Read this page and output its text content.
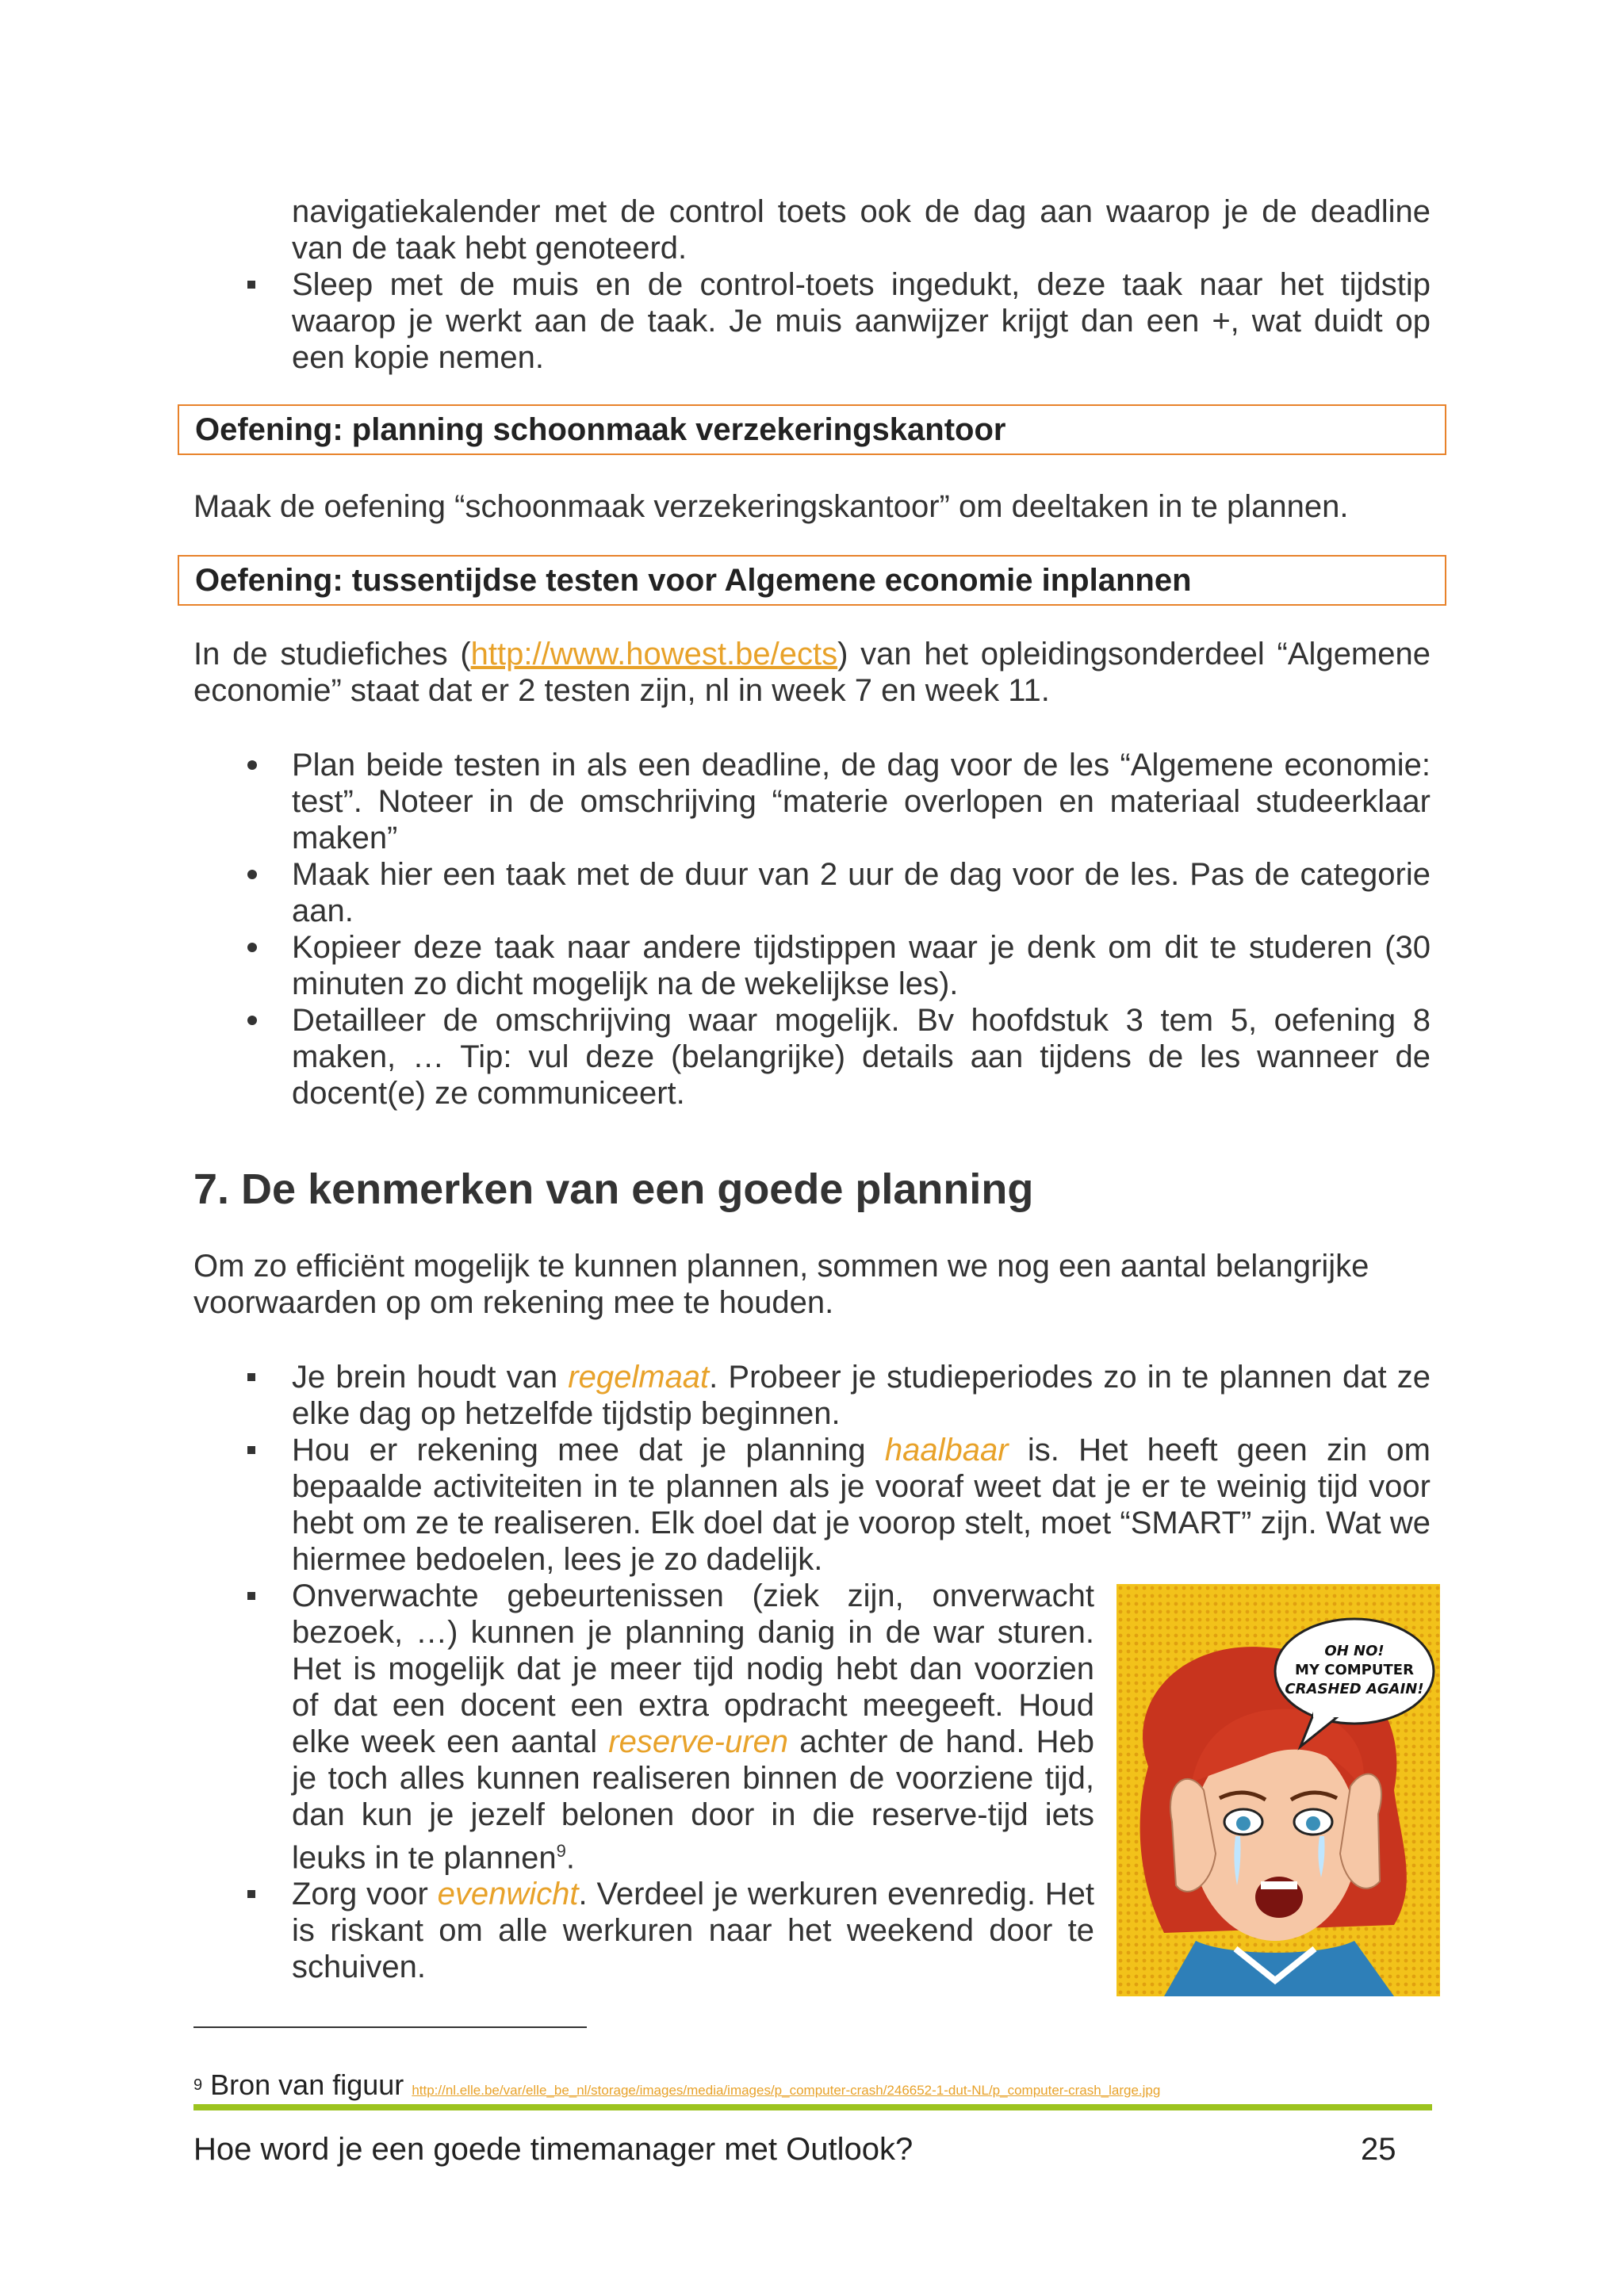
navigatiekalender met de control toets ook de dag aan waarop je de deadline van de taak hebt genoteerd.
Sleep met de muis en de control-toets ingedukt, deze taak naar het tijdstip waarop je werkt aan de taak. Je muis aanwijzer krijgt dan een +, wat duidt op een kopie nemen.
Oefening: planning schoonmaak verzekeringskantoor
Maak de oefening “schoonmaak verzekeringskantoor” om deeltaken in te plannen.
Oefening: tussentijdse testen voor Algemene economie inplannen
In de studiefiches (http://www.howest.be/ects) van het opleidingsonderdeel “Algemene economie” staat dat er 2 testen zijn, nl in week 7 en week 11.
Plan beide testen in als een deadline, de dag voor de les “Algemene economie: test”. Noteer in de omschrijving “materie overlopen en materiaal studeerklaar maken”
Maak hier een taak met de duur van 2 uur de dag voor de les. Pas de categorie aan.
Kopieer deze taak naar andere tijdstippen waar je denk om dit te studeren (30 minuten zo dicht mogelijk na de wekelijkse les).
Detailleer de omschrijving waar mogelijk. Bv hoofdstuk 3 tem 5, oefening 8 maken, … Tip: vul deze (belangrijke) details aan tijdens de les wanneer de docent(e) ze communiceert.
7. De kenmerken van een goede planning
Om zo efficiënt mogelijk te kunnen plannen, sommen we nog een aantal belangrijke voorwaarden op om rekening mee te houden.
Je brein houdt van regelmaat. Probeer je studieperiodes zo in te plannen dat ze elke dag op hetzelfde tijdstip beginnen.
Hou er rekening mee dat je planning haalbaar is. Het heeft geen zin om bepaalde activiteiten in te plannen als je vooraf weet dat je er te weinig tijd voor hebt om ze te realiseren. Elk doel dat je voorop stelt, moet “SMART” zijn. Wat we hiermee bedoelen, lees je zo dadelijk.
Onverwachte gebeurtenissen (ziek zijn, onverwacht bezoek, …) kunnen je planning danig in de war sturen. Het is mogelijk dat je meer tijd nodig hebt dan voorzien of dat een docent een extra opdracht meegeeft. Houd elke week een aantal reserve-uren achter de hand. Heb je toch alles kunnen realiseren binnen de voorziene tijd, dan kun je jezelf belonen door in die reserve-tijd iets leuks in te plannen$^9$.
Zorg voor evenwicht. Verdeel je werkuren evenredig. Het is riskant om alle werkuren naar het weekend door te schuiven.
OH NO!
MY COMPUTER
CRASHED AGAIN!
$^9$ Bron van figuur http://nl.elle.be/var/elle_be_nl/storage/images/media/images/p_computer-crash/246652-1-dut-NL/p_computer-crash_large.jpg
Hoe word je een goede timemanager met Outlook?	25
